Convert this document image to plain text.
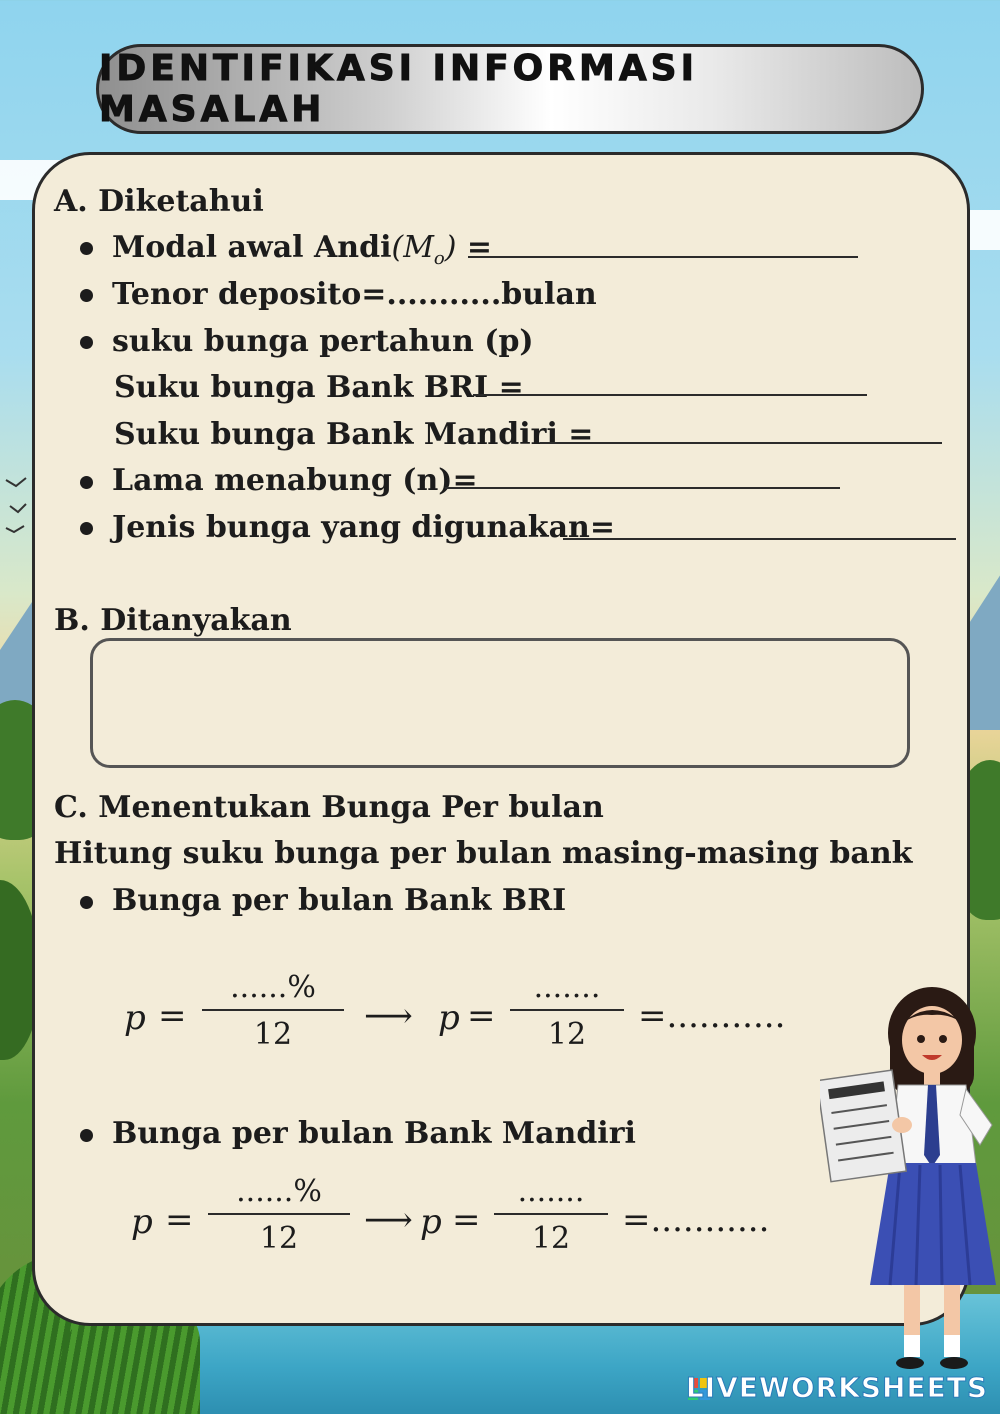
IDENTIFIKASI INFORMASI MASALAH
A. Diketahui
Modal awal $Andi(M_o)$ =
Tenor deposito=...........bulan
suku bunga pertahun (p)
Suku bunga Bank BRI =
Suku bunga Bank Mandiri =
Lama menabung (n)=
Jenis bunga yang digunakan=
B. Ditanyakan
C. Menentukan Bunga Per bulan
Hitung suku bunga per bulan masing-masing bank
Bunga per bulan Bank BRI
p =
......%
12	⟶ p =
.......
12	=...........
Bunga per bulan Bank Mandiri
p =
......%
12	⟶ p =
.......
12	=...........
LIVEWORKSHEETS
